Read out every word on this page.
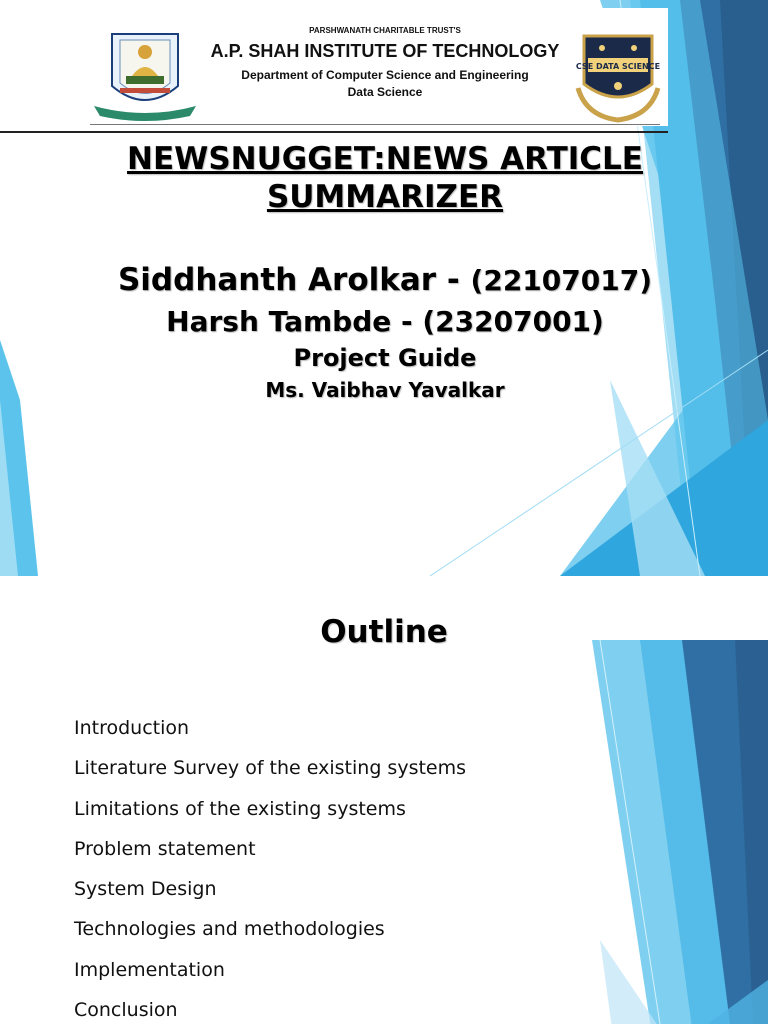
PARSHWANATH CHARITABLE TRUST'S
A.P. SHAH INSTITUTE OF TECHNOLOGY
Department of Computer Science and Engineering
Data Science
CSE DATA SCIENCE
NEWSNUGGET:NEWS ARTICLE SUMMARIZER
Siddhanth Arolkar - (22107017)
Harsh Tambde - (23207001)
Project Guide
Ms. Vaibhav Yavalkar
Outline
Introduction
Literature Survey of the existing systems
Limitations of the existing systems
Problem statement
System Design
Technologies and methodologies
Implementation
Conclusion
